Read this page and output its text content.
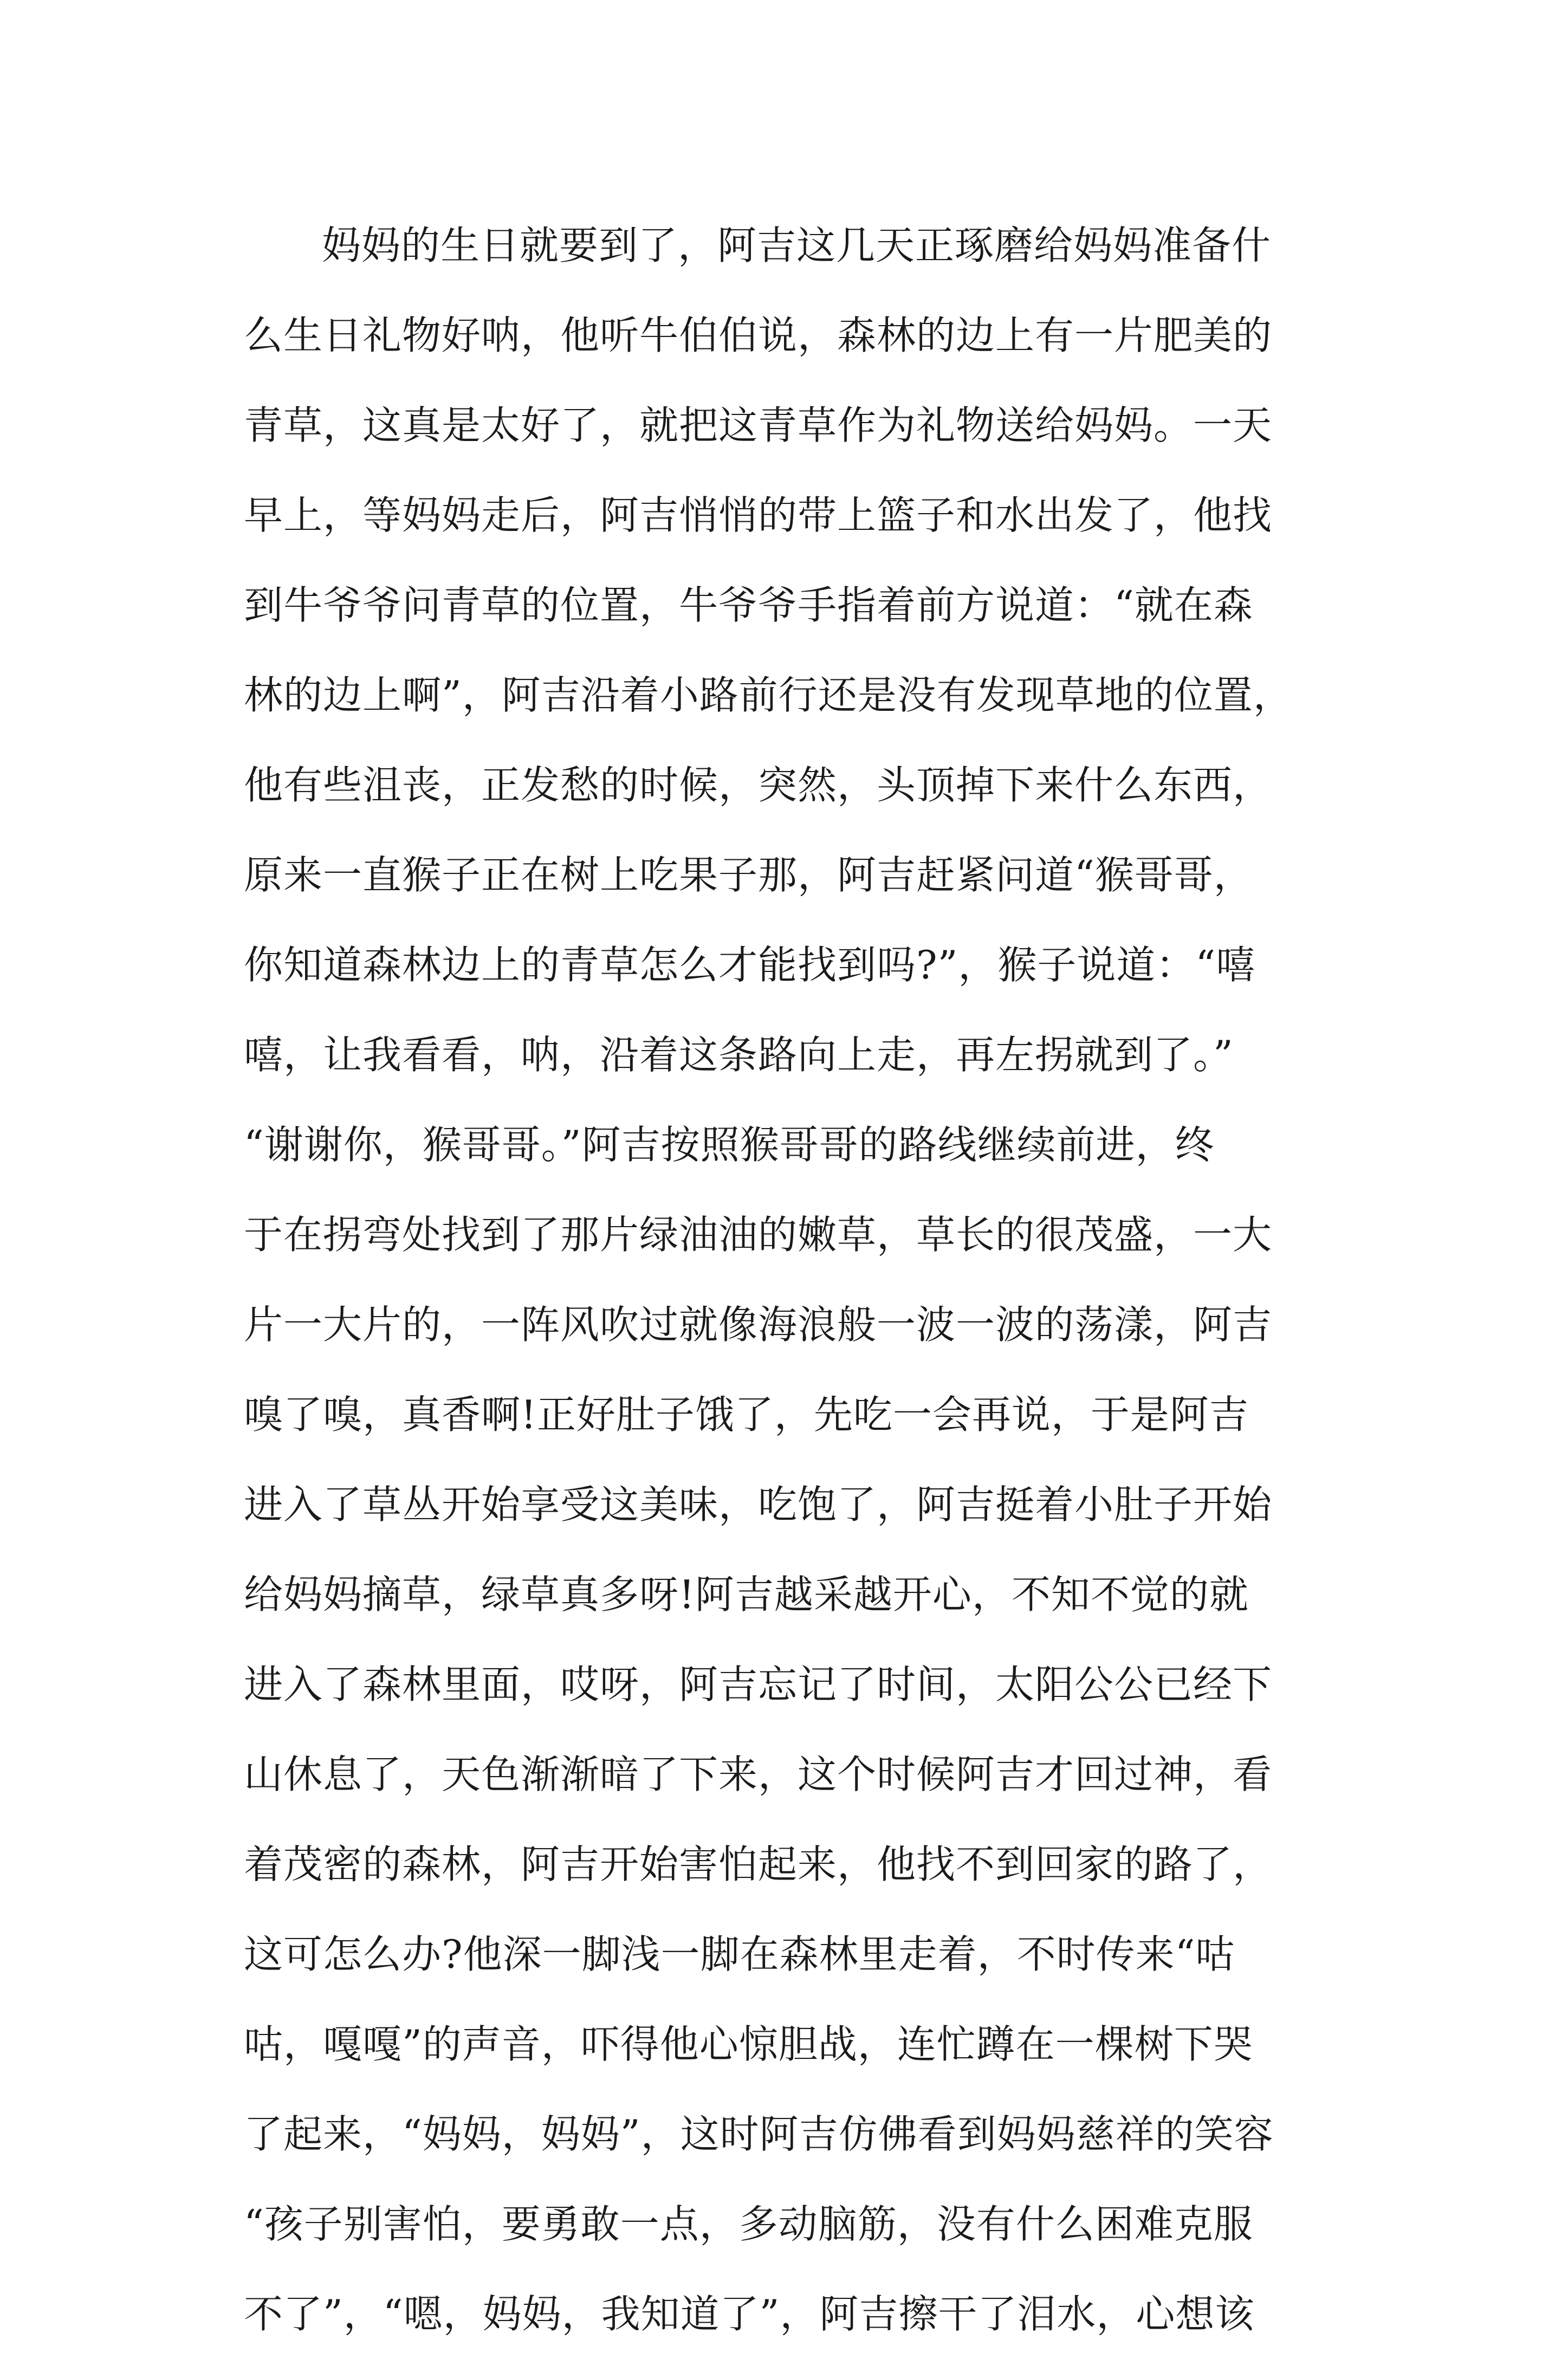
妈妈的生日就要到了，阿吉这几天正琢磨给妈妈准备什
么生日礼物好呐，他听牛伯伯说，森林的边上有一片肥美的
青草，这真是太好了，就把这青草作为礼物送给妈妈。一天
早上，等妈妈走后，阿吉悄悄的带上篮子和水出发了，他找
到牛爷爷问青草的位置，牛爷爷手指着前方说道：“就在森
林的边上啊”，阿吉沿着小路前行还是没有发现草地的位置，
他有些沮丧，正发愁的时候，突然，头顶掉下来什么东西，
原来一直猴子正在树上吃果子那，阿吉赶紧问道“猴哥哥，
你知道森林边上的青草怎么才能找到吗?”，猴子说道：“嘻
嘻，让我看看，呐，沿着这条路向上走，再左拐就到了。”
“谢谢你，猴哥哥。”阿吉按照猴哥哥的路线继续前进，终
于在拐弯处找到了那片绿油油的嫩草，草长的很茂盛，一大
片一大片的，一阵风吹过就像海浪般一波一波的荡漾，阿吉
嗅了嗅，真香啊!正好肚子饿了，先吃一会再说，于是阿吉
进入了草丛开始享受这美味，吃饱了，阿吉挺着小肚子开始
给妈妈摘草，绿草真多呀!阿吉越采越开心，不知不觉的就
进入了森林里面，哎呀，阿吉忘记了时间，太阳公公已经下
山休息了，天色渐渐暗了下来，这个时候阿吉才回过神，看
着茂密的森林，阿吉开始害怕起来，他找不到回家的路了，
这可怎么办?他深一脚浅一脚在森林里走着，不时传来“咕
咕，嘎嘎”的声音，吓得他心惊胆战，连忙蹲在一棵树下哭
了起来，“妈妈，妈妈”，这时阿吉仿佛看到妈妈慈祥的笑容
“孩子别害怕，要勇敢一点，多动脑筋，没有什么困难克服
不了”，“嗯，妈妈，我知道了”，阿吉擦干了泪水，心想该
